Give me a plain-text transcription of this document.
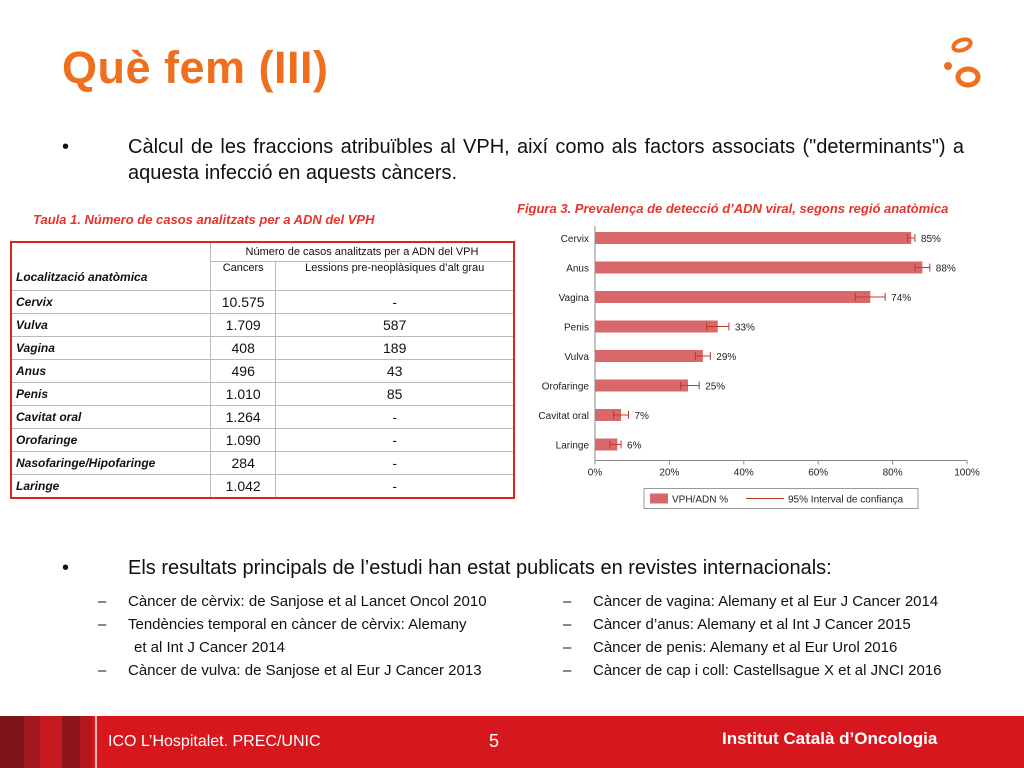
Què fem (III)
•	Càlcul de les fraccions atribuïbles al VPH, així como als factors associats ("determinants") a aquesta infecció en aquests càncers.
Taula 1. Número de casos analitzats per a ADN del VPH
Localització anatòmica	Número de casos analitzats per a ADN del VPH	
	Cancers	Lessions pre-neoplàsiques d’alt grau
Cervix	10.575	-
Vulva	1.709	587
Vagina	408	189
Anus	496	43
Penis	1.010	85
Cavitat oral	1.264	-
Orofaringe	1.090	-
Nasofaringe/Hipofaringe	284	-
Laringe	1.042	-
Figura 3. Prevalença de detecció d’ADN viral, segons regió anatòmica
Cervix	85%
Anus	88%
Vagina	74%
Penis	33%
Vulva	29%
Orofaringe	25%
Cavitat oral	7%
Laringe	6%
0%	20%	40%	60%	80%	100%
VPH/ADN %	95% Interval de confiança
•	Els resultats principals de l’estudi han estat publicats en revistes internacionals:
– Càncer de cèrvix: de Sanjose et al Lancet Oncol 2010
– Tendències temporal en càncer de cèrvix: Alemany
et al Int J Cancer 2014
– Càncer de vulva: de Sanjose et al Eur J Cancer 2013
– Càncer de vagina: Alemany et al Eur J Cancer 2014
– Càncer d’anus: Alemany et al Int J Cancer 2015
– Càncer de penis: Alemany et al Eur Urol 2016
– Càncer de cap i coll: Castellsague X et al JNCI 2016
ICO L’Hospitalet. PREC/UNIC	5	Institut Català d’Oncologia
